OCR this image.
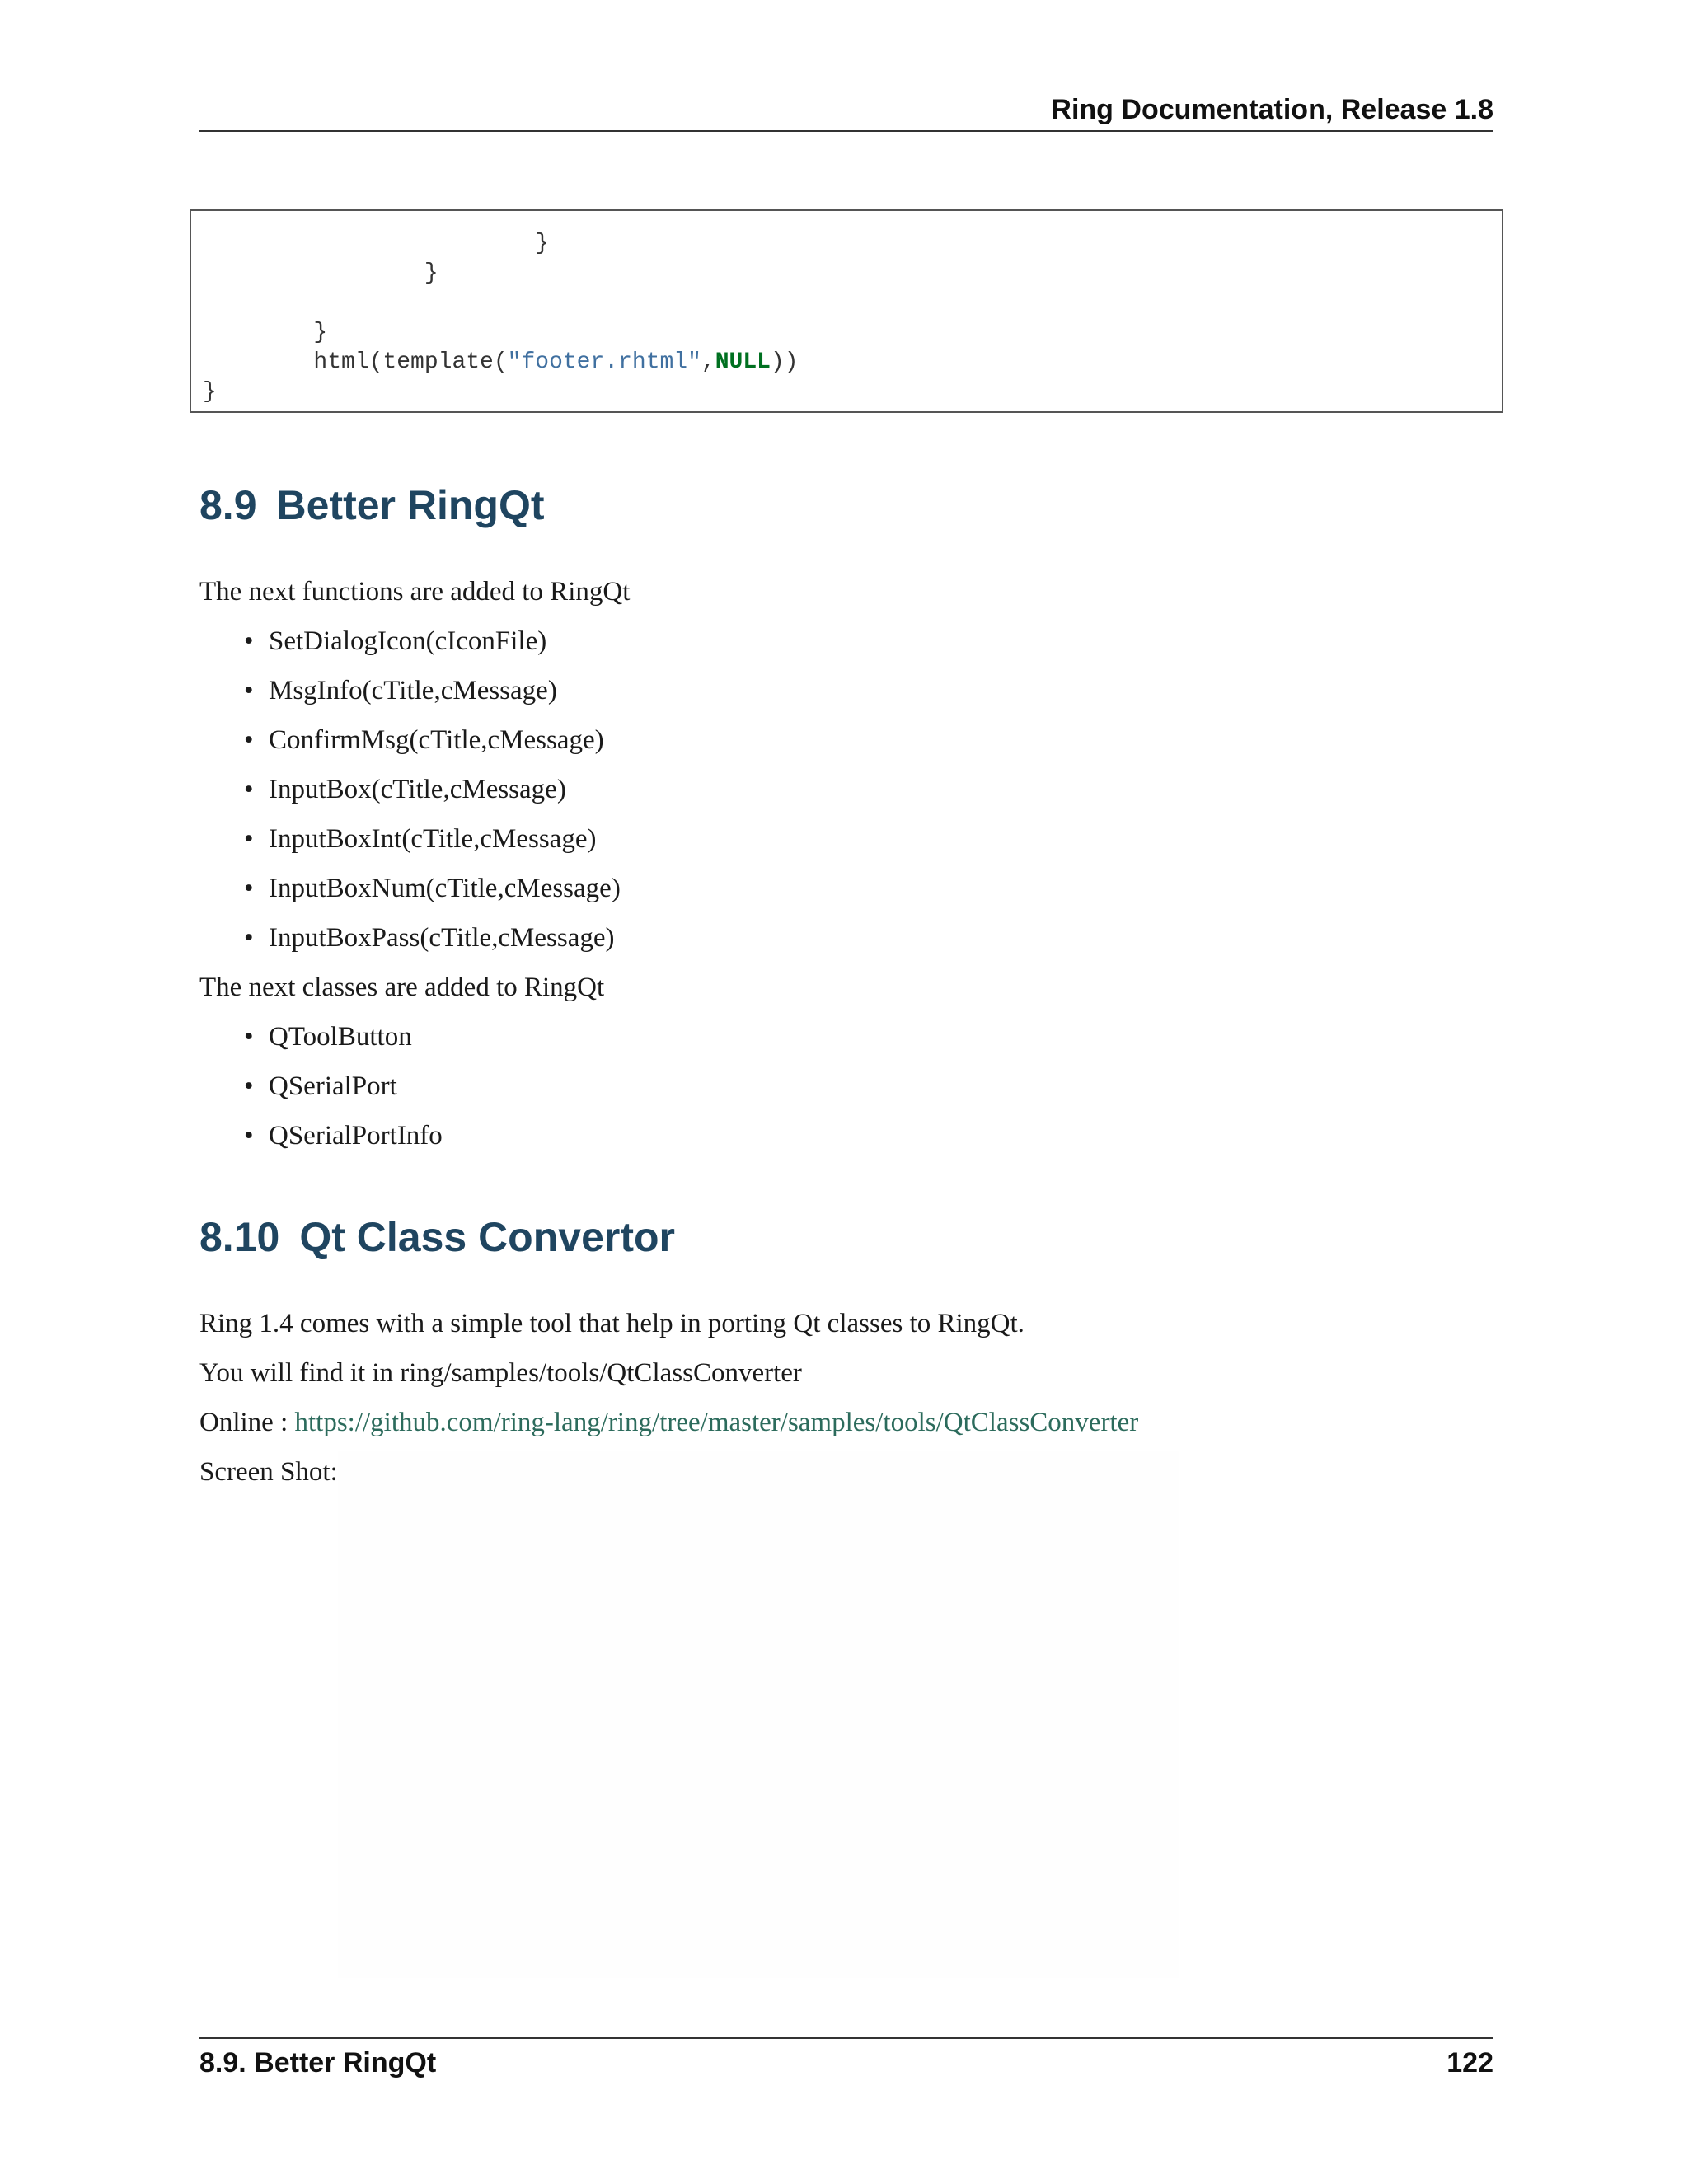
Ring Documentation, Release 1.8
}
}
}
html(template("footer.rhtml",NULL))
}
8.9 Better RingQt

The next functions are added to RingQt

• SetDialogIcon(cIconFile)
• MsgInfo(cTitle,cMessage)
• ConfirmMsg(cTitle,cMessage)
• InputBox(cTitle,cMessage)
• InputBoxInt(cTitle,cMessage)
• InputBoxNum(cTitle,cMessage)
• InputBoxPass(cTitle,cMessage)

The next classes are added to RingQt

• QToolButton
• QSerialPort
• QSerialPortInfo
8.10 Qt Class Convertor

Ring 1.4 comes with a simple tool that help in porting Qt classes to RingQt.

You will find it in ring/samples/tools/QtClassConverter

Online : https://github.com/ring-lang/ring/tree/master/samples/tools/QtClassConverter

Screen Shot:

8.9. Better RingQt	122
